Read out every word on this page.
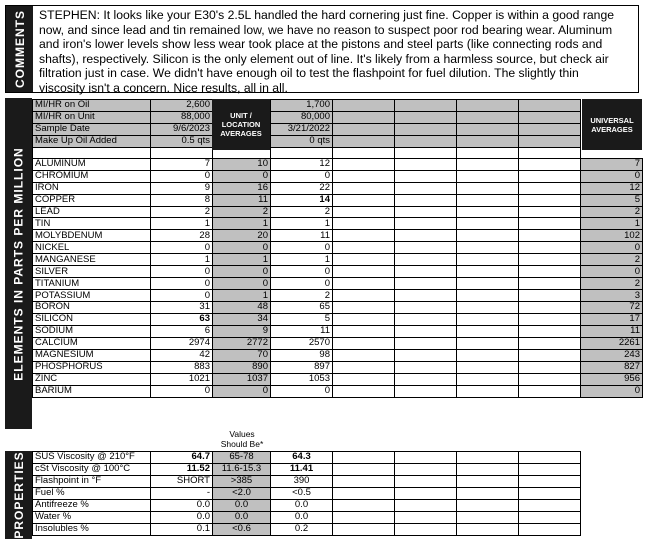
COMMENTS STEPHEN: It looks like your E30's 2.5L handled the hard cornering just fine. Copper is within a good range
now, and since lead and tin remained low, we have no reason to suspect poor rod bearing wear. Aluminum
and iron's lower levels show less wear took place at the pistons and steel parts (like connecting rods and
shafts), respectively. Silicon is the only element out of line. It's likely from a harmless source, but check air
filtration just in case. We didn't have enough oil to test the flashpoint for fuel dilution. The slightly thin
viscosity isn't a concern. Nice results, all in all.
ELEMENTS IN PARTS PER MILLION
MI/HR on Oil	2,600		1,700					
MI/HR on Unit	88,000		80,000					
Sample Date	9/6/2023		3/21/2022					
Make Up Oil Added	0.5 qts		0 qts					

ALUMINUM	7	10	12					7
CHROMIUM	0	0	0					0
IRON	9	16	22					12
COPPER	8	11	14					5
LEAD	2	2	2					2
TIN	1	1	1					1
MOLYBDENUM	28	20	11					102
NICKEL	0	0	0					0
MANGANESE	1	1	1					2
SILVER	0	0	0					0
TITANIUM	0	0	0					2
POTASSIUM	0	1	2					3
BORON	31	48	65					72
SILICON	63	34	5					17
SODIUM	6	9	11					11
CALCIUM	2974	2772	2570					2261
MAGNESIUM	42	70	98					243
PHOSPHORUS	883	890	897					827
ZINC	1021	1037	1053					956
BARIUM	0	0	0					0
UNIT /
LOCATION
AVERAGES
UNIVERSAL
AVERAGES
Values
Should Be*
PROPERTIES SUS Viscosity @ 210°F	64.7	65-78	64.3					
cSt Viscosity @ 100°C	11.52	11.6-15.3	11.41					
Flashpoint in °F	SHORT	>385	390					
Fuel %	-	<2.0	<0.5					
Antifreeze %	0.0	0.0	0.0					
Water %	0.0	0.0	0.0					
Insolubles %	0.1	<0.6	0.2					
